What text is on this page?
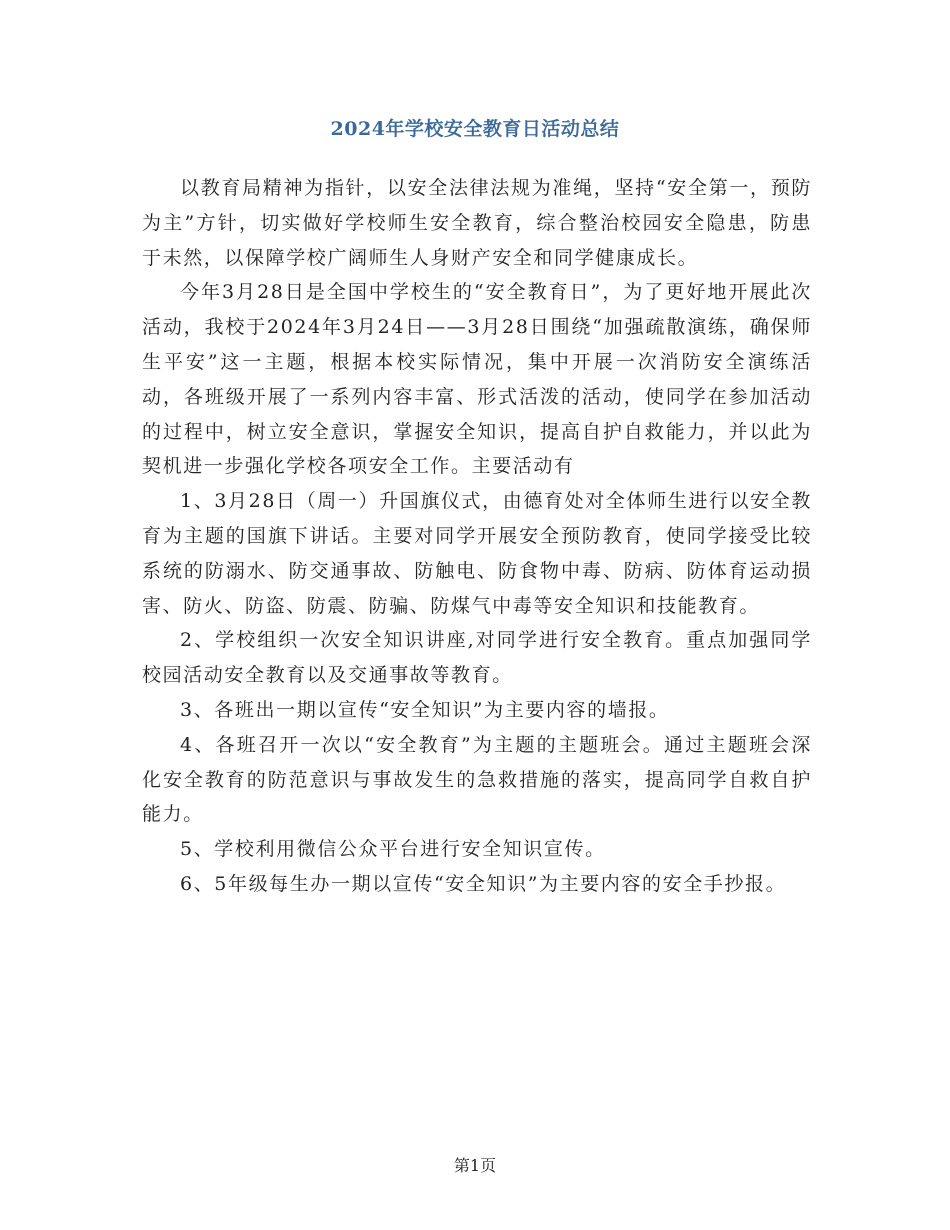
2024年学校安全教育日活动总结

以教育局精神为指针，以安全法律法规为准绳，坚持“安全第一，预防为主”方针，切实做好学校师生安全教育，综合整治校园安全隐患，防患于未然，以保障学校广阔师生人身财产安全和同学健康成长。

今年3月28日是全国中学校生的“安全教育日”，为了更好地开展此次活动，我校于2024年3月24日——3月28日围绕“加强疏散演练，确保师生平安”这一主题，根据本校实际情况，集中开展一次消防安全演练活动，各班级开展了一系列内容丰富、形式活泼的活动，使同学在参加活动的过程中，树立安全意识，掌握安全知识，提高自护自救能力，并以此为契机进一步强化学校各项安全工作。主要活动有

1、3月28日（周一）升国旗仪式，由德育处对全体师生进行以安全教育为主题的国旗下讲话。主要对同学开展安全预防教育，使同学接受比较系统的防溺水、防交通事故、防触电、防食物中毒、防病、防体育运动损害、防火、防盗、防震、防骗、防煤气中毒等安全知识和技能教育。

2、学校组织一次安全知识讲座,对同学进行安全教育。重点加强同学校园活动安全教育以及交通事故等教育。

3、各班出一期以宣传“安全知识”为主要内容的墙报。

4、各班召开一次以“安全教育”为主题的主题班会。通过主题班会深化安全教育的防范意识与事故发生的急救措施的落实，提高同学自救自护能力。

5、学校利用微信公众平台进行安全知识宣传。

6、5年级每生办一期以宣传“安全知识”为主要内容的安全手抄报。

第1页
